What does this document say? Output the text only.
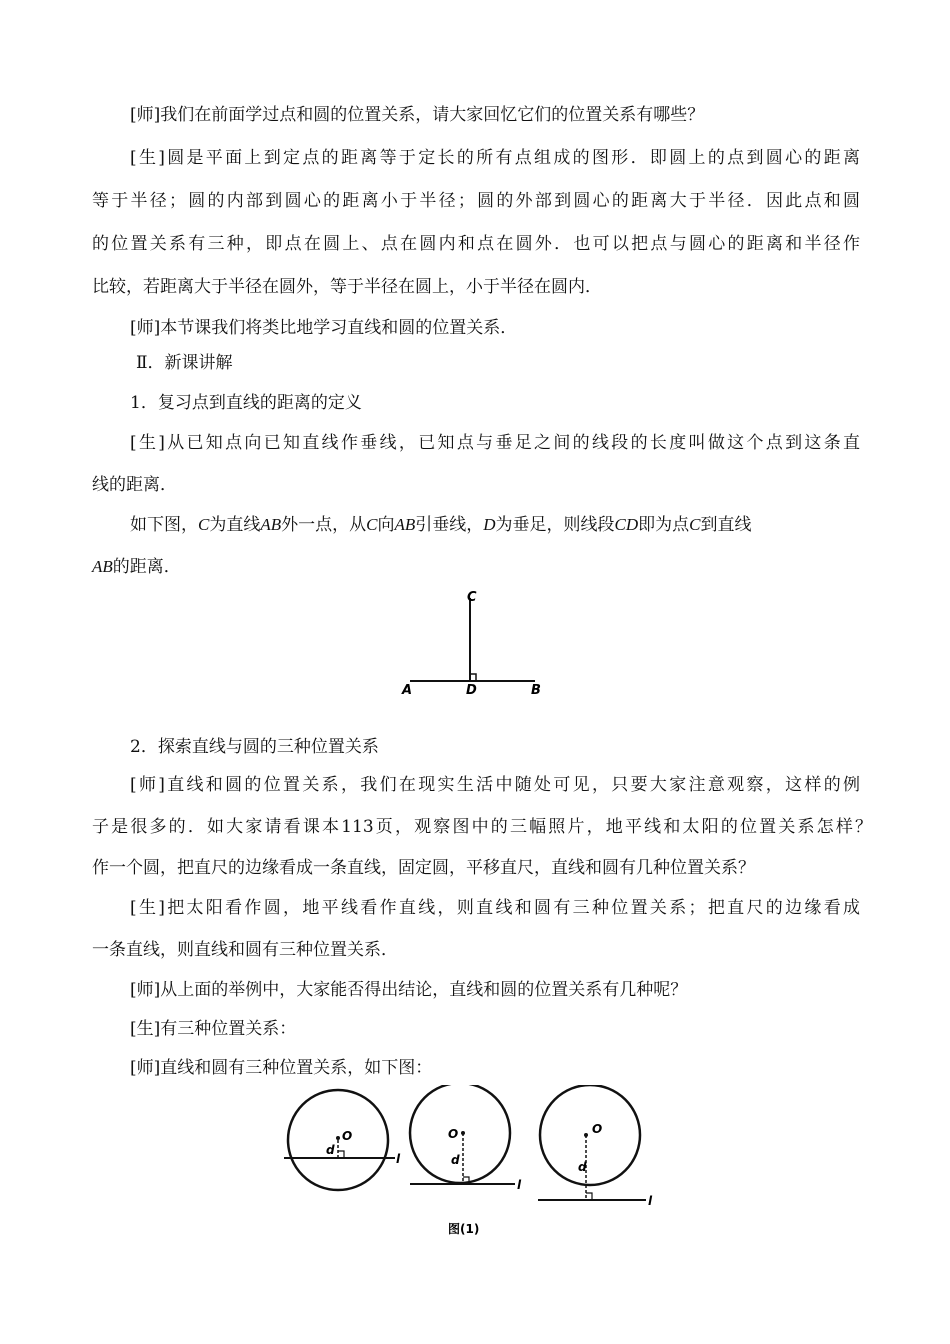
[师]我们在前面学过点和圆的位置关系，请大家回忆它们的位置关系有哪些？

[生]圆是平面上到定点的距离等于定长的所有点组成的图形．即圆上的点到圆心的距离

等于半径；圆的内部到圆心的距离小于半径；圆的外部到圆心的距离大于半径．因此点和圆

的位置关系有三种，即点在圆上、点在圆内和点在圆外．也可以把点与圆心的距离和半径作

比较，若距离大于半径在圆外，等于半径在圆上，小于半径在圆内．

[师]本节课我们将类比地学习直线和圆的位置关系．

Ⅱ．新课讲解

1．复习点到直线的距离的定义

[生]从已知点向已知直线作垂线，已知点与垂足之间的线段的长度叫做这个点到这条直

线的距离．

如下图，C为直线AB外一点，从C向AB引垂线，D为垂足，则线段CD即为点C到直线

AB的距离．

C
A	D	B

2．探索直线与圆的三种位置关系

[师]直线和圆的位置关系，我们在现实生活中随处可见，只要大家注意观察，这样的例

子是很多的．如大家请看课本113页，观察图中的三幅照片，地平线和太阳的位置关系怎样？

作一个圆，把直尺的边缘看成一条直线，固定圆，平移直尺，直线和圆有几种位置关系？

[生]把太阳看作圆，地平线看作直线，则直线和圆有三种位置关系；把直尺的边缘看成

一条直线，则直线和圆有三种位置关系．

[师]从上面的举例中，大家能否得出结论，直线和圆的位置关系有几种呢？

[生]有三种位置关系：

[师]直线和圆有三种位置关系，如下图：

O
d
l
O
d
l
O
d
l
图(1)
